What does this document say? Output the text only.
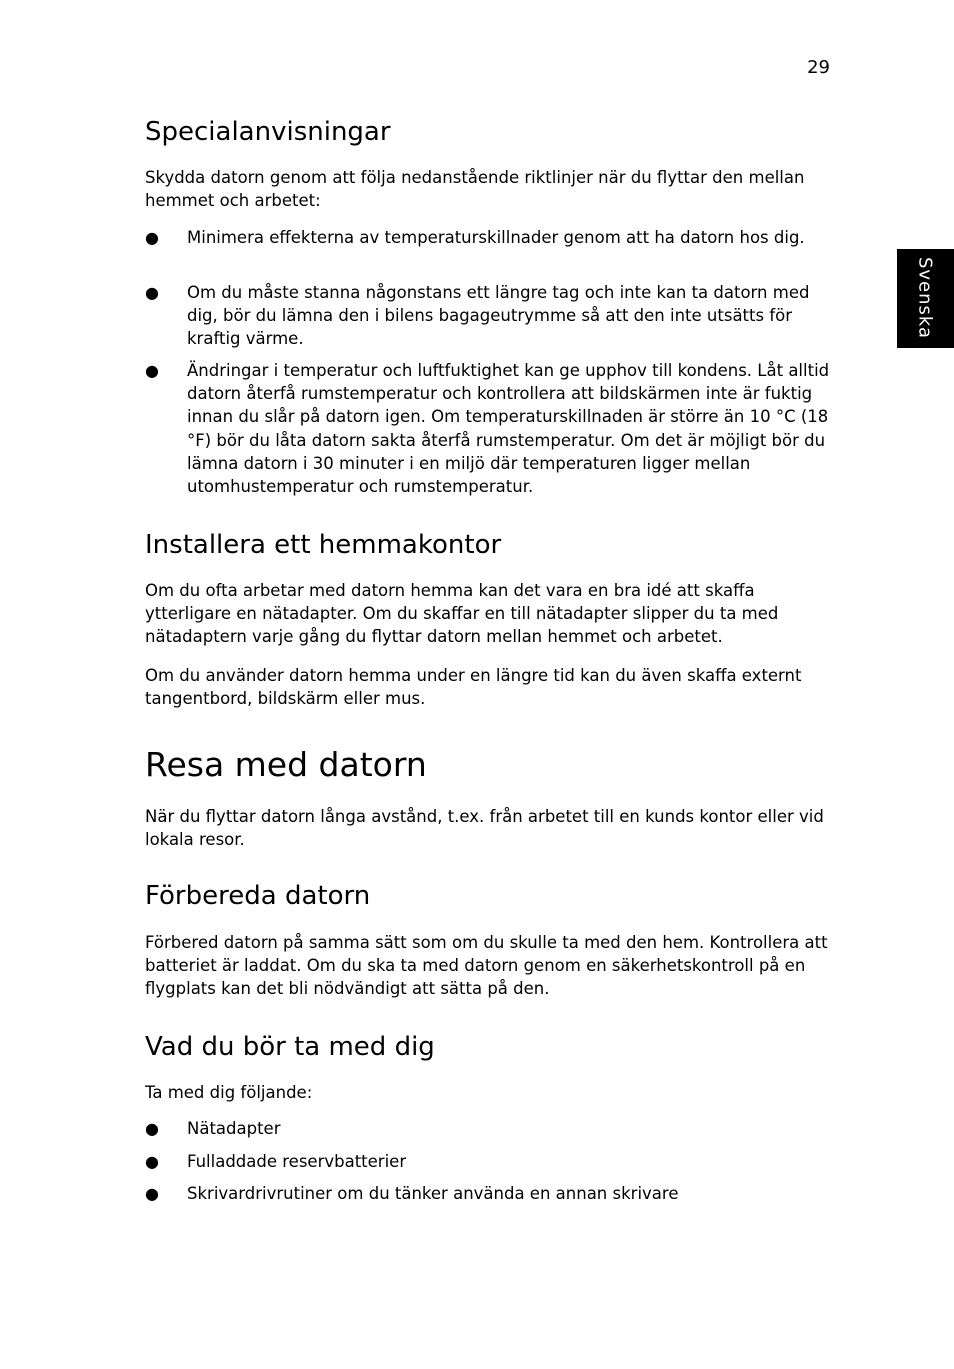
29
Svenska
Specialanvisningar

Skydda datorn genom att följa nedanstående riktlinjer när du flyttar den mellan hemmet och arbetet:

● Minimera effekterna av temperaturskillnader genom att ha datorn hos dig.
● Om du måste stanna någonstans ett längre tag och inte kan ta datorn med dig, bör du lämna den i bilens bagageutrymme så att den inte utsätts för kraftig värme.
● Ändringar i temperatur och luftfuktighet kan ge upphov till kondens. Låt alltid datorn återfå rumstemperatur och kontrollera att bildskärmen inte är fuktig innan du slår på datorn igen. Om temperaturskillnaden är större än 10 °C (18 °F) bör du låta datorn sakta återfå rumstemperatur. Om det är möjligt bör du lämna datorn i 30 minuter i en miljö där temperaturen ligger mellan utomhustemperatur och rumstemperatur.
Installera ett hemmakontor

Om du ofta arbetar med datorn hemma kan det vara en bra idé att skaffa ytterligare en nätadapter. Om du skaffar en till nätadapter slipper du ta med nätadaptern varje gång du flyttar datorn mellan hemmet och arbetet.

Om du använder datorn hemma under en längre tid kan du även skaffa externt tangentbord, bildskärm eller mus.

Resa med datorn

När du flyttar datorn långa avstånd, t.ex. från arbetet till en kunds kontor eller vid lokala resor.

Förbereda datorn

Förbered datorn på samma sätt som om du skulle ta med den hem. Kontrollera att batteriet är laddat. Om du ska ta med datorn genom en säkerhetskontroll på en flygplats kan det bli nödvändigt att sätta på den.

Vad du bör ta med dig

Ta med dig följande:

● Nätadapter
● Fulladdade reservbatterier
● Skrivardrivrutiner om du tänker använda en annan skrivare
